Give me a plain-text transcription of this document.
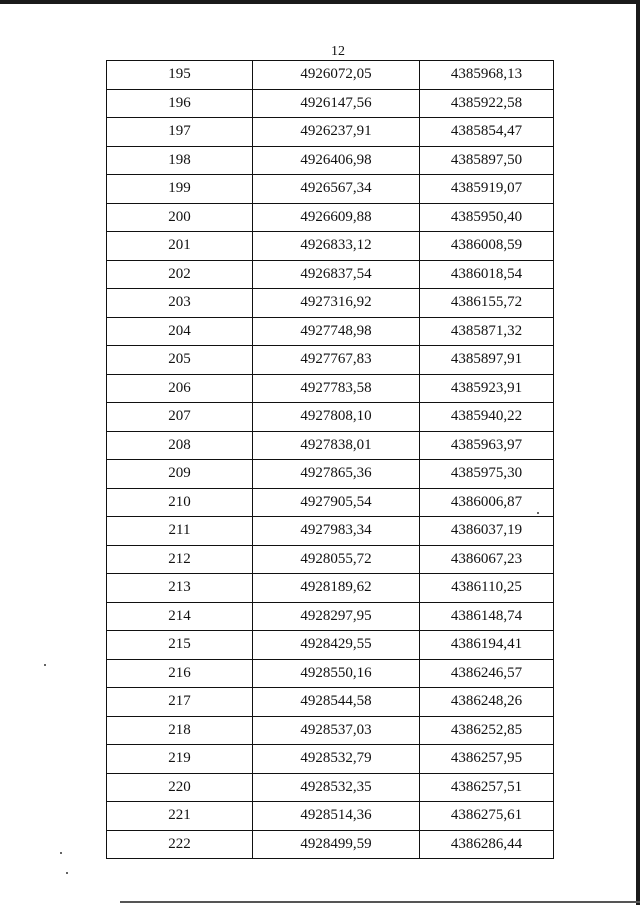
12
195	4926072,05	4385968,13
196	4926147,56	4385922,58
197	4926237,91	4385854,47
198	4926406,98	4385897,50
199	4926567,34	4385919,07
200	4926609,88	4385950,40
201	4926833,12	4386008,59
202	4926837,54	4386018,54
203	4927316,92	4386155,72
204	4927748,98	4385871,32
205	4927767,83	4385897,91
206	4927783,58	4385923,91
207	4927808,10	4385940,22
208	4927838,01	4385963,97
209	4927865,36	4385975,30
210	4927905,54	4386006,87
211	4927983,34	4386037,19
212	4928055,72	4386067,23
213	4928189,62	4386110,25
214	4928297,95	4386148,74
215	4928429,55	4386194,41
216	4928550,16	4386246,57
217	4928544,58	4386248,26
218	4928537,03	4386252,85
219	4928532,79	4386257,95
220	4928532,35	4386257,51
221	4928514,36	4386275,61
222	4928499,59	4386286,44
